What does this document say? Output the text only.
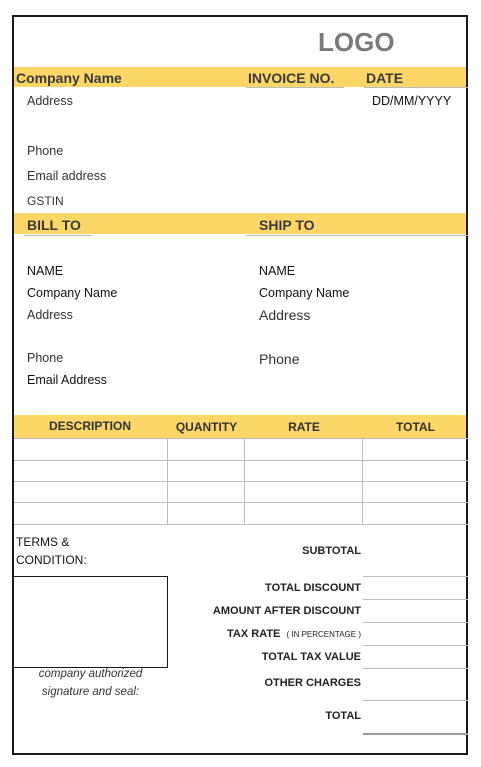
LOGO
Company Name	INVOICE NO. DATE
Address	DD/MM/YYYY
Phone
Email address
GSTIN
BILL TO	SHIP TO
NAME
Company Name
Address
Phone
Email Address
NAME
Company Name
Address
Phone
DESCRIPTION	QUANTITY	RATE	TOTAL
TERMS &
CONDITION:
company authorized
signature and seal:
SUBTOTAL
TOTAL DISCOUNT
AMOUNT AFTER DISCOUNT
TAX RATE ( IN PERCENTAGE )
TOTAL TAX VALUE
OTHER CHARGES
TOTAL
